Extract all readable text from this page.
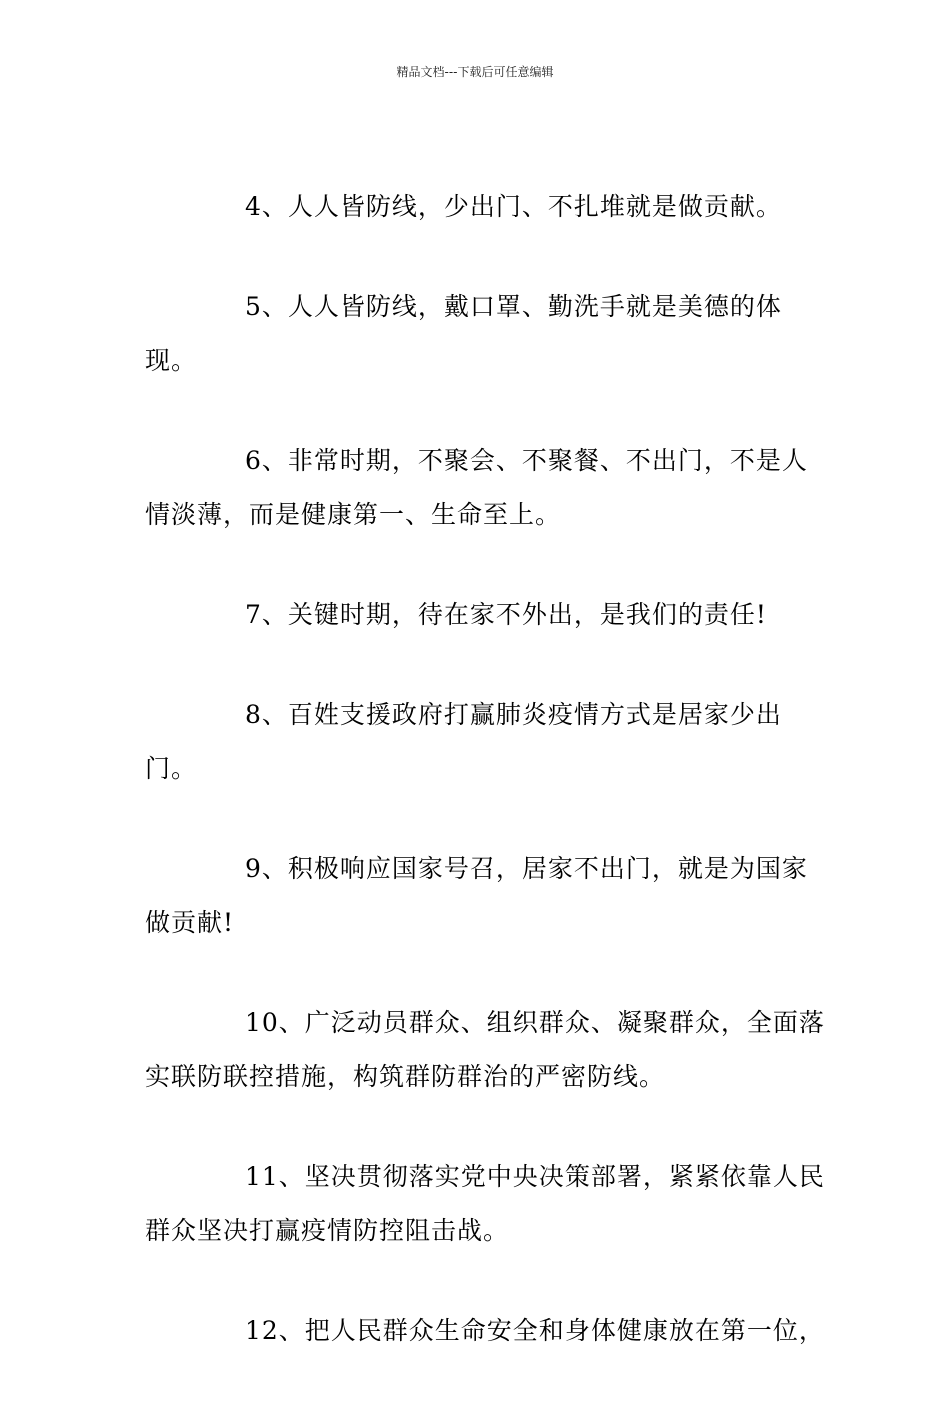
精品文档---下载后可任意编辑

4、人人皆防线，少出门、不扎堆就是做贡献。

5、人人皆防线，戴口罩、勤洗手就是美德的体现。

6、非常时期，不聚会、不聚餐、不出门，不是人情淡薄，而是健康第一、生命至上。

7、关键时期，待在家不外出，是我们的责任!

8、百姓支援政府打赢肺炎疫情方式是居家少出门。

9、积极响应国家号召，居家不出门，就是为国家做贡献!

10、广泛动员群众、组织群众、凝聚群众，全面落实联防联控措施，构筑群防群治的严密防线。

11、坚决贯彻落实党中央决策部署，紧紧依靠人民群众坚决打赢疫情防控阻击战。

12、把人民群众生命安全和身体健康放在第一位，
